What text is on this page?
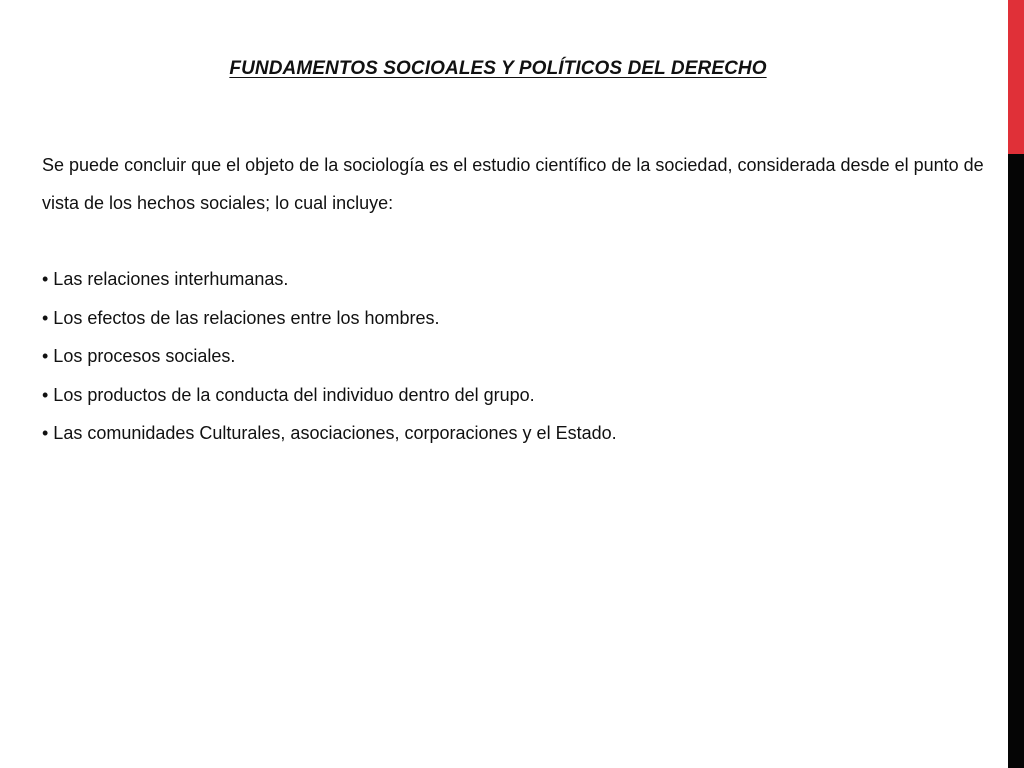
FUNDAMENTOS SOCIOALES Y POLÍTICOS DEL DERECHO

Se puede concluir que el objeto de la sociología es el estudio científico de la sociedad, considerada desde el punto de vista de los hechos sociales; lo cual incluye:

• Las relaciones interhumanas.
• Los efectos de las relaciones entre los hombres.
• Los procesos sociales.
• Los productos de la conducta del individuo dentro del grupo.
• Las comunidades Culturales, asociaciones, corporaciones y el Estado.
